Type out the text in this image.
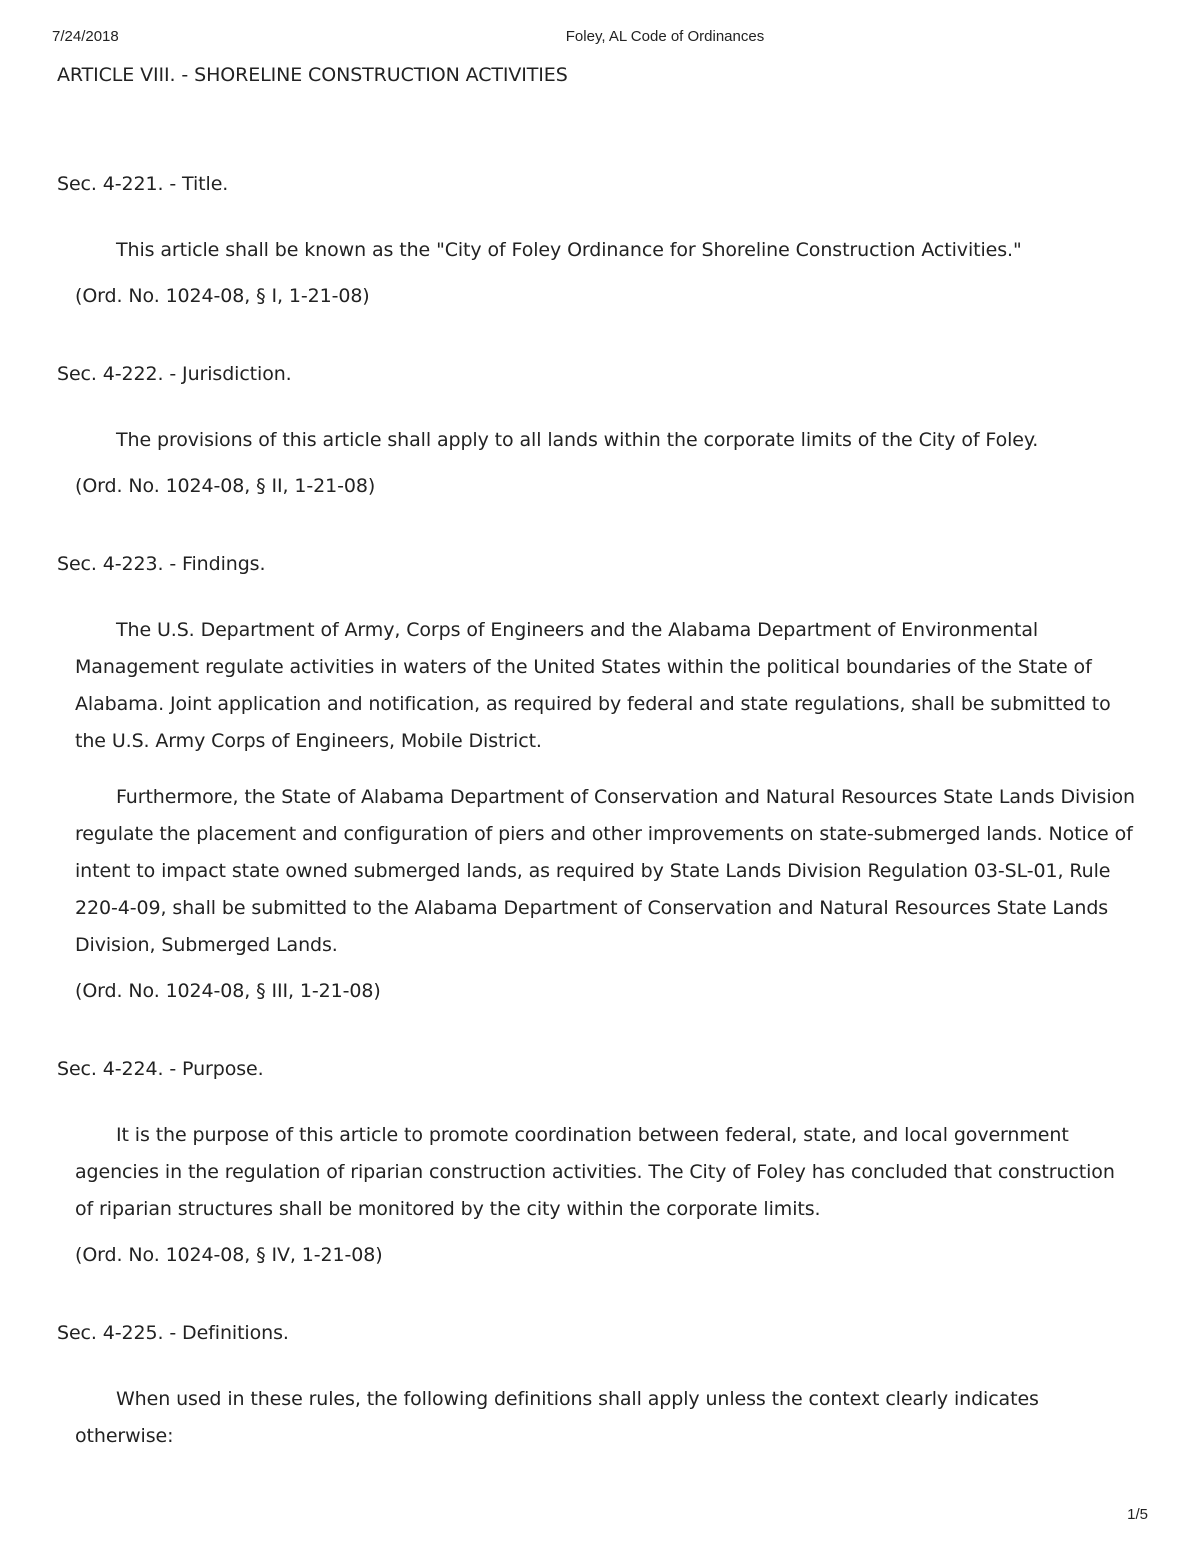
7/24/2018	Foley, AL Code of Ordinances
ARTICLE VIII. - SHORELINE CONSTRUCTION ACTIVITIES
Sec. 4-221. - Title.

This article shall be known as the "City of Foley Ordinance for Shoreline Construction Activities."

(Ord. No. 1024-08, § I, 1-21-08)
Sec. 4-222. - Jurisdiction.

The provisions of this article shall apply to all lands within the corporate limits of the City of Foley.

(Ord. No. 1024-08, § II, 1-21-08)
Sec. 4-223. - Findings.

The U.S. Department of Army, Corps of Engineers and the Alabama Department of Environmental Management regulate activities in waters of the United States within the political boundaries of the State of Alabama. Joint application and notification, as required by federal and state regulations, shall be submitted to the U.S. Army Corps of Engineers, Mobile District.

Furthermore, the State of Alabama Department of Conservation and Natural Resources State Lands Division regulate the placement and configuration of piers and other improvements on state-submerged lands. Notice of intent to impact state owned submerged lands, as required by State Lands Division Regulation 03-SL-01, Rule 220-4-09, shall be submitted to the Alabama Department of Conservation and Natural Resources State Lands Division, Submerged Lands.

(Ord. No. 1024-08, § III, 1-21-08)
Sec. 4-224. - Purpose.

It is the purpose of this article to promote coordination between federal, state, and local government agencies in the regulation of riparian construction activities. The City of Foley has concluded that construction of riparian structures shall be monitored by the city within the corporate limits.

(Ord. No. 1024-08, § IV, 1-21-08)
Sec. 4-225. - Definitions.

When used in these rules, the following definitions shall apply unless the context clearly indicates otherwise:

1/5
